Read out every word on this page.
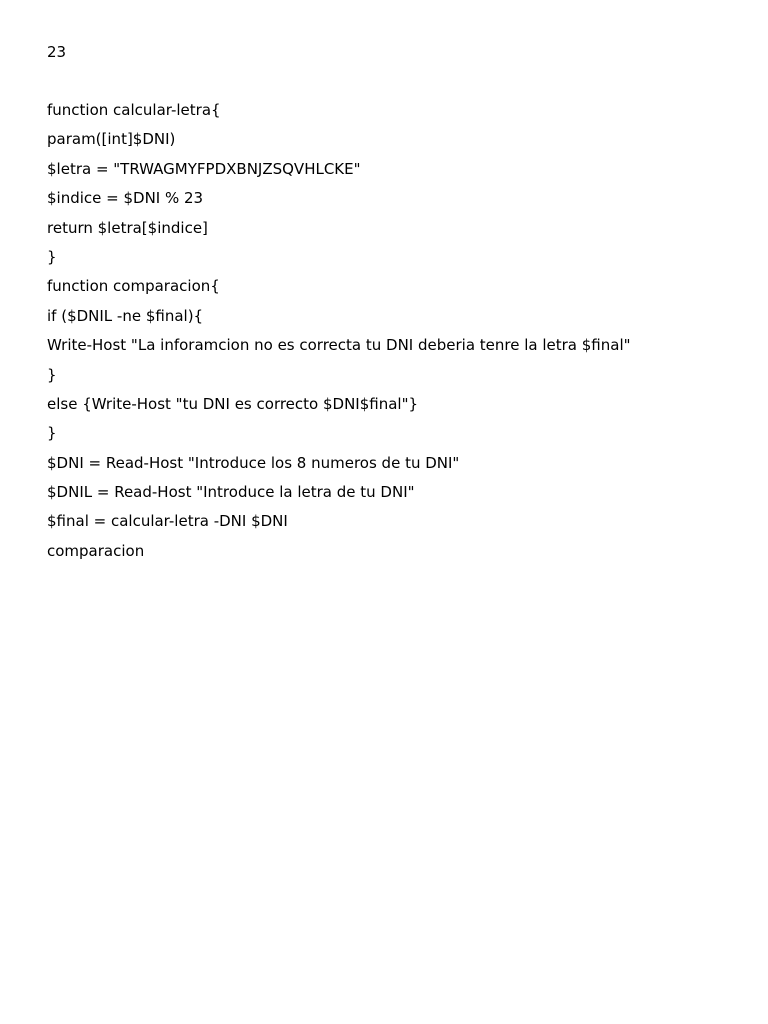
23
function calcular-letra{
param([int]$DNI)
$letra = "TRWAGMYFPDXBNJZSQVHLCKE"
$indice = $DNI % 23
return $letra[$indice]
}
function comparacion{
if ($DNIL -ne $final){
Write-Host "La inforamcion no es correcta tu DNI deberia tenre la letra $final"
}
else {Write-Host "tu DNI es correcto $DNI$final"}
}
$DNI = Read-Host "Introduce los 8 numeros de tu DNI"
$DNIL = Read-Host "Introduce la letra de tu DNI"
$final = calcular-letra -DNI $DNI
comparacion
